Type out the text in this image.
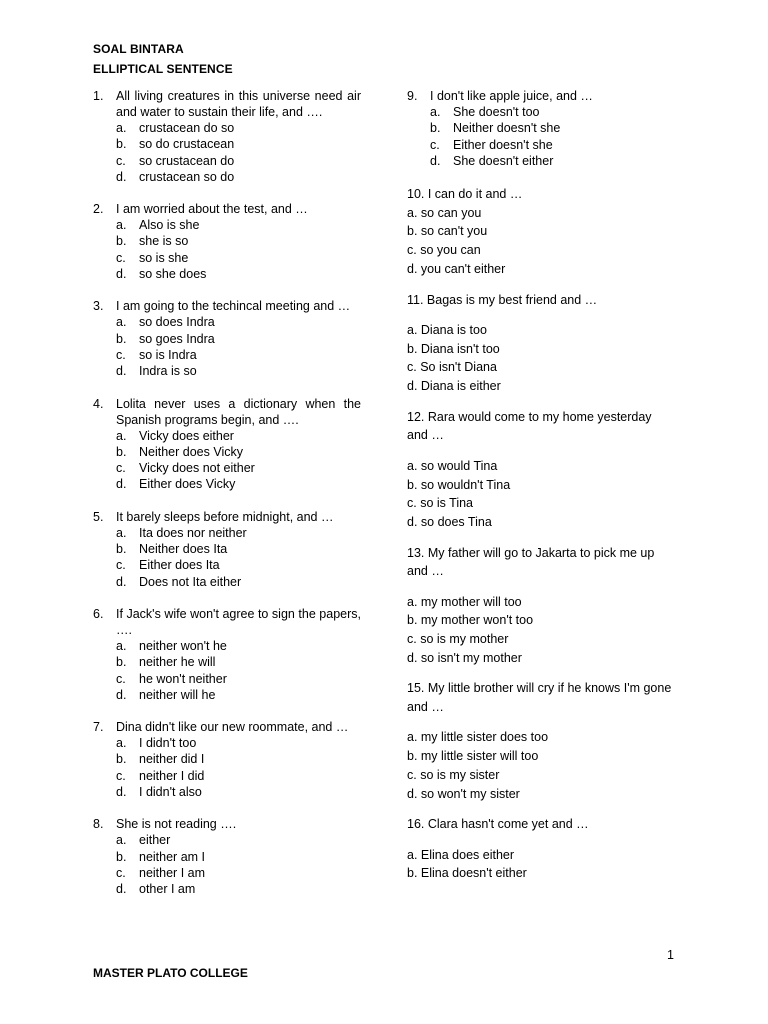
SOAL BINTARA
ELLIPTICAL SENTENCE
1.	All living creatures in this universe need air and water to sustain their life, and ….
a.	crustacean do so
b.	so do crustacean
c.	so crustacean do
d.	crustacean so do
2.	I am worried about the test, and …
a.	Also is she
b.	she is so
c.	so is she
d.	so she does
3.	I am going to the techincal meeting and …
a.	so does Indra
b.	so goes Indra
c.	so is Indra
d.	Indra is so
4.	Lolita never uses a dictionary when the Spanish programs begin, and ….
a.	Vicky does either
b.	Neither does Vicky
c.	Vicky does not either
d.	Either does Vicky
5.	It barely sleeps before midnight, and …
a.	Ita does nor neither
b.	Neither does Ita
c.	Either does Ita
d.	Does not Ita either
6.	If Jack's wife won't agree to sign the papers, ….
a.	neither won't he
b.	neither he will
c.	he won't neither
d.	neither will he
7.	Dina didn't like our new roommate, and …
a.	I didn't too
b.	neither did I
c.	neither I did
d.	I didn't also
8.	She is not reading ….
a.	either
b.	neither am I
c.	neither I am
d.	other I am
9.	I don't like apple juice, and …
a.	She doesn't too
b.	Neither doesn't she
c.	Either doesn't she
d.	She doesn't either
10. I can do it and …
a. so can you
b. so can't you
c. so you can
d. you can't either
11. Bagas is my best friend and …
a. Diana is too
b. Diana isn't too
c. So isn't Diana
d. Diana is either
12. Rara would come to my home yesterday and …
a. so would Tina
b. so wouldn't Tina
c. so is Tina
d. so does Tina
13. My father will go to Jakarta to pick me up and …
a. my mother will too
b. my mother won't too
c. so is my mother
d. so isn't my mother
15. My little brother will cry if he knows I'm gone and …
a. my little sister does too
b. my little sister will too
c. so is my sister
d. so won't my sister
16. Clara hasn't come yet and …
a. Elina does either
b. Elina doesn't either
1
MASTER PLATO COLLEGE
